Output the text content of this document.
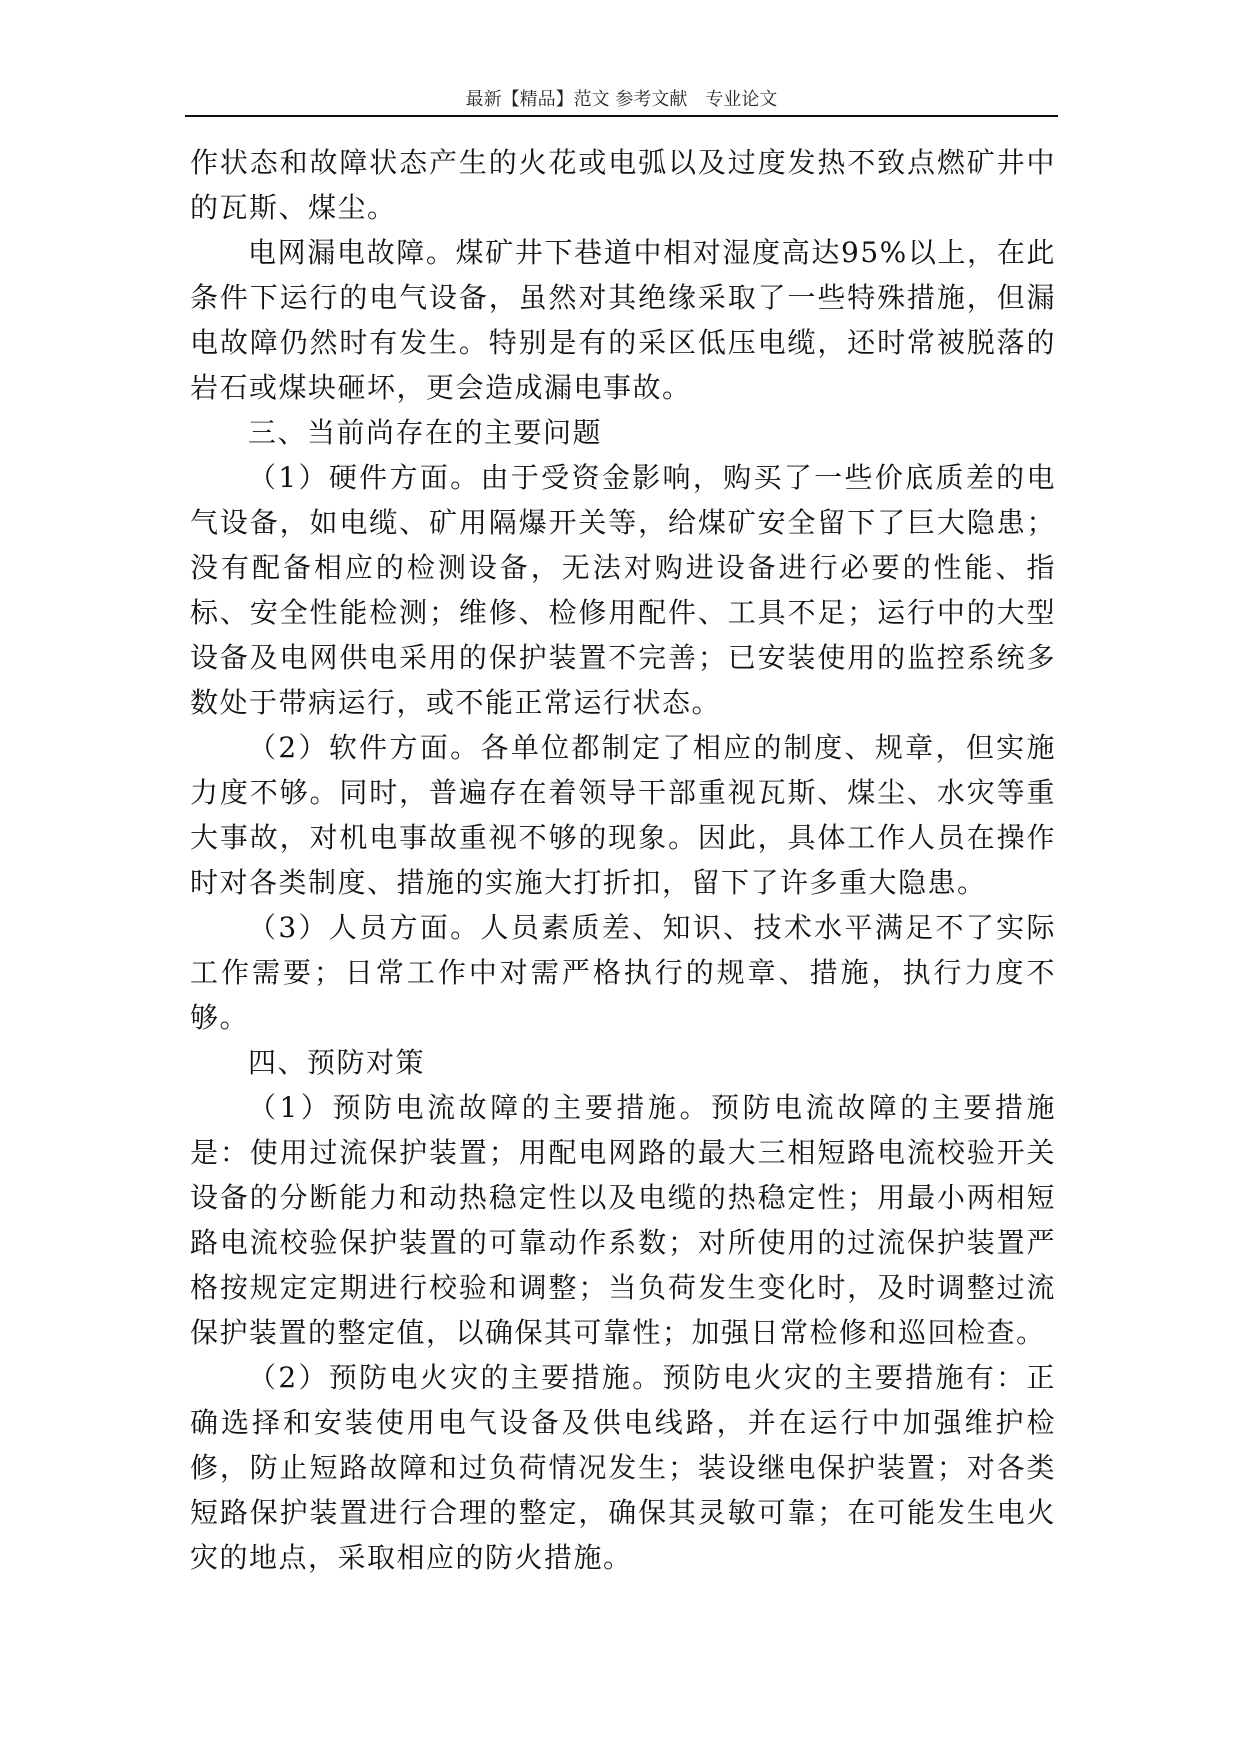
最新【精品】范文 参考文献　专业论文

作状态和故障状态产生的火花或电弧以及过度发热不致点燃矿井中的瓦斯、煤尘。

电网漏电故障。煤矿井下巷道中相对湿度高达95%以上，在此条件下运行的电气设备，虽然对其绝缘采取了一些特殊措施，但漏电故障仍然时有发生。特别是有的采区低压电缆，还时常被脱落的岩石或煤块砸坏，更会造成漏电事故。

三、当前尚存在的主要问题

（1）硬件方面。由于受资金影响，购买了一些价底质差的电气设备，如电缆、矿用隔爆开关等，给煤矿安全留下了巨大隐患；没有配备相应的检测设备，无法对购进设备进行必要的性能、指标、安全性能检测；维修、检修用配件、工具不足；运行中的大型设备及电网供电采用的保护装置不完善；已安装使用的监控系统多数处于带病运行，或不能正常运行状态。

（2）软件方面。各单位都制定了相应的制度、规章，但实施力度不够。同时，普遍存在着领导干部重视瓦斯、煤尘、水灾等重大事故，对机电事故重视不够的现象。因此，具体工作人员在操作时对各类制度、措施的实施大打折扣，留下了许多重大隐患。

（3）人员方面。人员素质差、知识、技术水平满足不了实际工作需要；日常工作中对需严格执行的规章、措施，执行力度不够。

四、预防对策

（1）预防电流故障的主要措施。预防电流故障的主要措施是：使用过流保护装置；用配电网路的最大三相短路电流校验开关设备的分断能力和动热稳定性以及电缆的热稳定性；用最小两相短路电流校验保护装置的可靠动作系数；对所使用的过流保护装置严格按规定定期进行校验和调整；当负荷发生变化时，及时调整过流保护装置的整定值，以确保其可靠性；加强日常检修和巡回检查。

（2）预防电火灾的主要措施。预防电火灾的主要措施有：正确选择和安装使用电气设备及供电线路，并在运行中加强维护检修，防止短路故障和过负荷情况发生；装设继电保护装置；对各类短路保护装置进行合理的整定，确保其灵敏可靠；在可能发生电火灾的地点，采取相应的防火措施。
